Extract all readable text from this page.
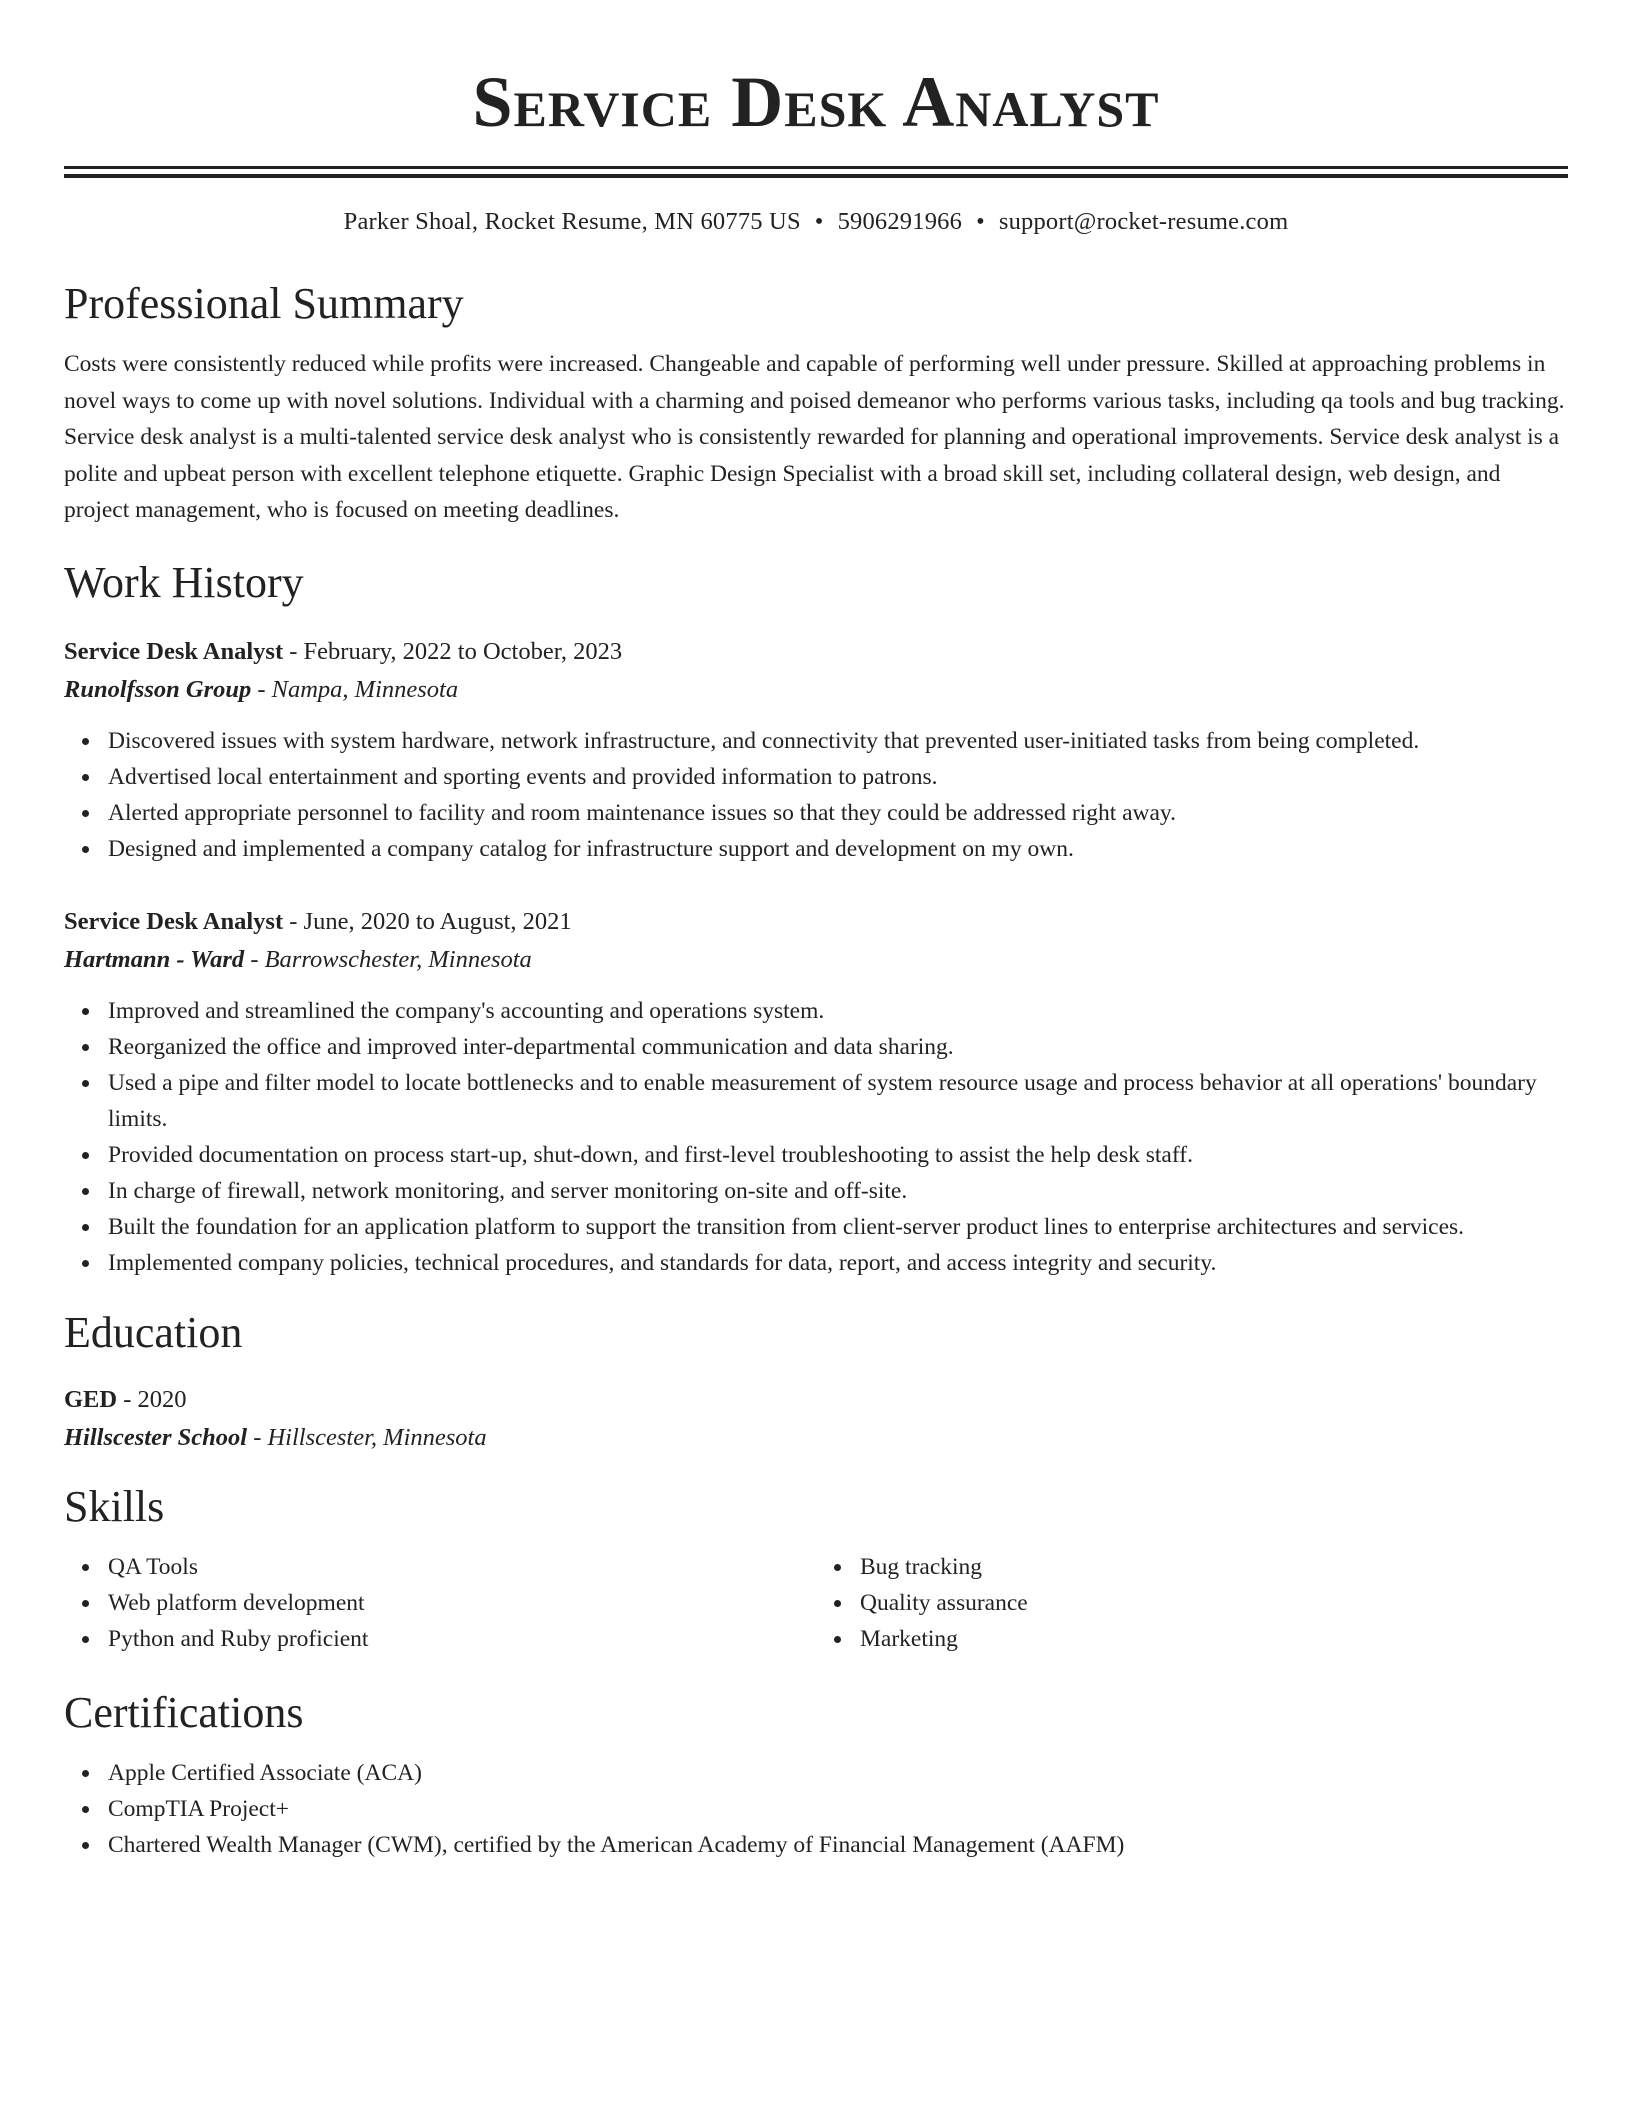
Service Desk Analyst
Parker Shoal, Rocket Resume, MN 60775 US • 5906291966 • support@rocket-resume.com
Professional Summary
Costs were consistently reduced while profits were increased. Changeable and capable of performing well under pressure. Skilled at approaching problems in novel ways to come up with novel solutions. Individual with a charming and poised demeanor who performs various tasks, including qa tools and bug tracking. Service desk analyst is a multi-talented service desk analyst who is consistently rewarded for planning and operational improvements. Service desk analyst is a polite and upbeat person with excellent telephone etiquette. Graphic Design Specialist with a broad skill set, including collateral design, web design, and project management, who is focused on meeting deadlines.
Work History
Service Desk Analyst - February, 2022 to October, 2023
Runolfsson Group - Nampa, Minnesota
Discovered issues with system hardware, network infrastructure, and connectivity that prevented user-initiated tasks from being completed.
Advertised local entertainment and sporting events and provided information to patrons.
Alerted appropriate personnel to facility and room maintenance issues so that they could be addressed right away.
Designed and implemented a company catalog for infrastructure support and development on my own.
Service Desk Analyst - June, 2020 to August, 2021
Hartmann - Ward - Barrowschester, Minnesota
Improved and streamlined the company's accounting and operations system.
Reorganized the office and improved inter-departmental communication and data sharing.
Used a pipe and filter model to locate bottlenecks and to enable measurement of system resource usage and process behavior at all operations' boundary limits.
Provided documentation on process start-up, shut-down, and first-level troubleshooting to assist the help desk staff.
In charge of firewall, network monitoring, and server monitoring on-site and off-site.
Built the foundation for an application platform to support the transition from client-server product lines to enterprise architectures and services.
Implemented company policies, technical procedures, and standards for data, report, and access integrity and security.
Education
GED - 2020
Hillscester School - Hillscester, Minnesota
Skills
QA Tools
Web platform development
Python and Ruby proficient
Bug tracking
Quality assurance
Marketing
Certifications
Apple Certified Associate (ACA)
CompTIA Project+
Chartered Wealth Manager (CWM), certified by the American Academy of Financial Management (AAFM)
